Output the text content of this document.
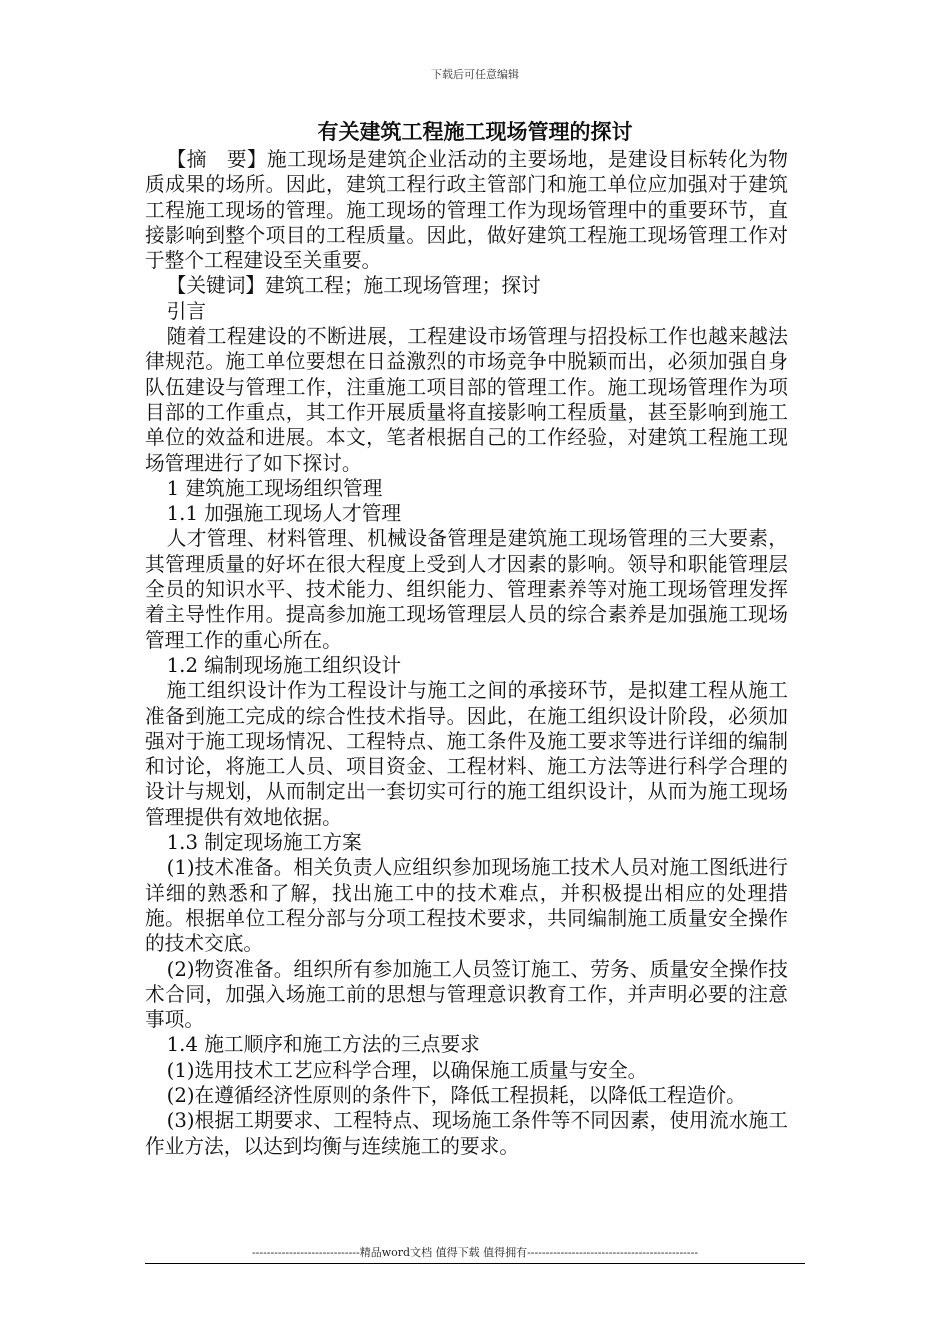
下载后可任意编辑
有关建筑工程施工现场管理的探讨

【摘　要】施工现场是建筑企业活动的主要场地，是建设目标转化为物质成果的场所。因此，建筑工程行政主管部门和施工单位应加强对于建筑工程施工现场的管理。施工现场的管理工作为现场管理中的重要环节，直接影响到整个项目的工程质量。因此，做好建筑工程施工现场管理工作对于整个工程建设至关重要。

【关键词】建筑工程；施工现场管理；探讨

引言

随着工程建设的不断进展，工程建设市场管理与招投标工作也越来越法律规范。施工单位要想在日益激烈的市场竞争中脱颖而出，必须加强自身队伍建设与管理工作，注重施工项目部的管理工作。施工现场管理作为项目部的工作重点，其工作开展质量将直接影响工程质量，甚至影响到施工单位的效益和进展。本文，笔者根据自己的工作经验，对建筑工程施工现场管理进行了如下探讨。

1 建筑施工现场组织管理

1.1 加强施工现场人才管理

人才管理、材料管理、机械设备管理是建筑施工现场管理的三大要素，其管理质量的好坏在很大程度上受到人才因素的影响。领导和职能管理层全员的知识水平、技术能力、组织能力、管理素养等对施工现场管理发挥着主导性作用。提高参加施工现场管理层人员的综合素养是加强施工现场管理工作的重心所在。

1.2 编制现场施工组织设计

施工组织设计作为工程设计与施工之间的承接环节，是拟建工程从施工准备到施工完成的综合性技术指导。因此，在施工组织设计阶段，必须加强对于施工现场情况、工程特点、施工条件及施工要求等进行详细的编制和讨论，将施工人员、项目资金、工程材料、施工方法等进行科学合理的设计与规划，从而制定出一套切实可行的施工组织设计，从而为施工现场管理提供有效地依据。

1.3 制定现场施工方案

(1)技术准备。相关负责人应组织参加现场施工技术人员对施工图纸进行详细的熟悉和了解，找出施工中的技术难点，并积极提出相应的处理措施。根据单位工程分部与分项工程技术要求，共同编制施工质量安全操作的技术交底。

(2)物资准备。组织所有参加施工人员签订施工、劳务、质量安全操作技术合同，加强入场施工前的思想与管理意识教育工作，并声明必要的注意事项。

1.4 施工顺序和施工方法的三点要求

(1)选用技术工艺应科学合理，以确保施工质量与安全。

(2)在遵循经济性原则的条件下，降低工程损耗，以降低工程造价。

(3)根据工期要求、工程特点、现场施工条件等不同因素，使用流水施工作业方法，以达到均衡与连续施工的要求。

-----------------------------精品word文档 值得下载 值得拥有----------------------------------------------
